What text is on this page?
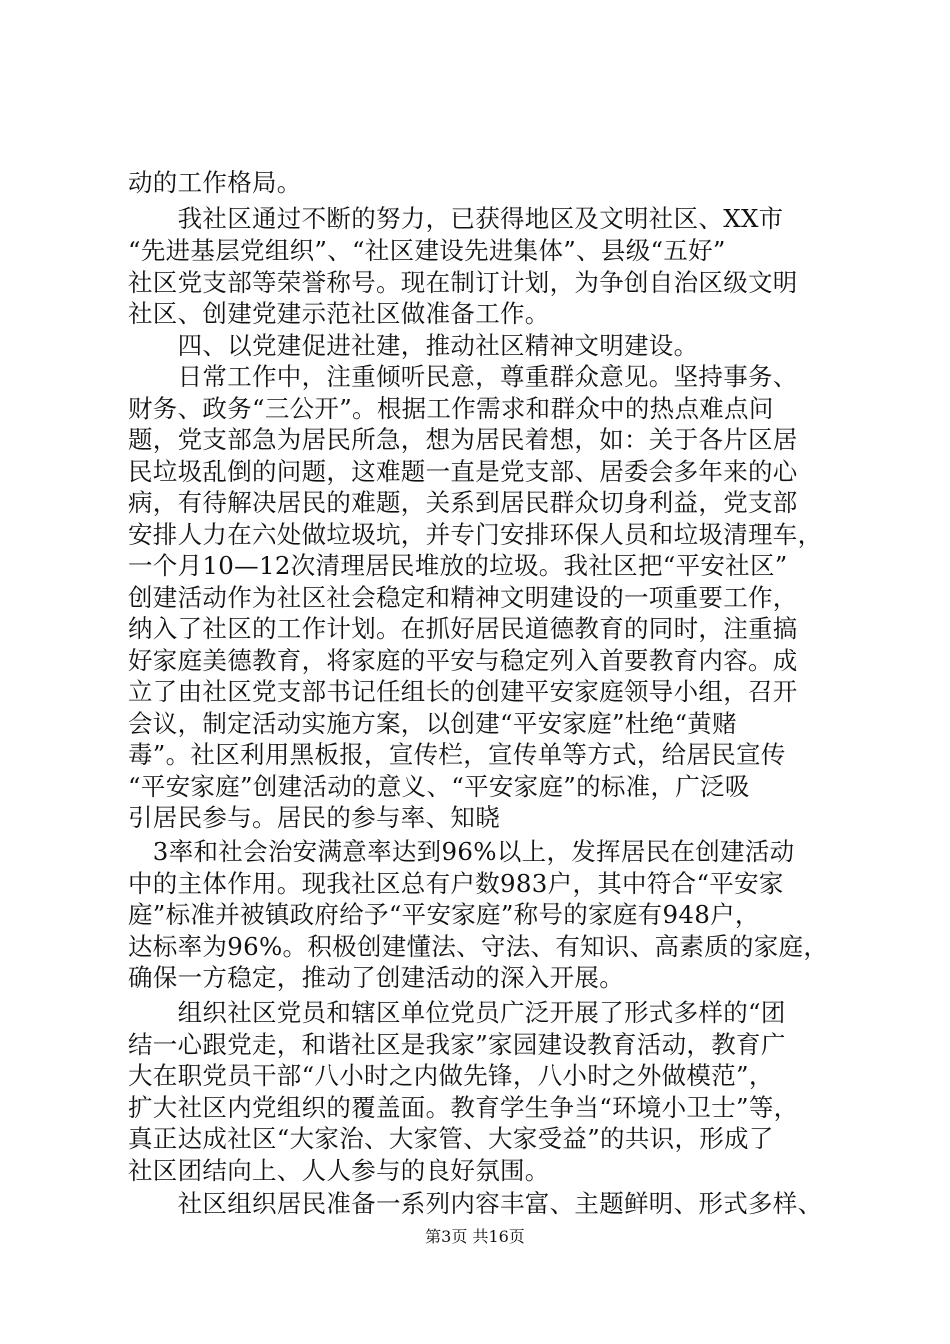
动的工作格局。
　　我社区通过不断的努力，已获得地区及文明社区、XX市
“先进基层党组织”、“社区建设先进集体”、县级“五好”
社区党支部等荣誉称号。现在制订计划，为争创自治区级文明
社区、创建党建示范社区做准备工作。
　　四、以党建促进社建，推动社区精神文明建设。
　　日常工作中，注重倾听民意，尊重群众意见。坚持事务、
财务、政务“三公开”。根据工作需求和群众中的热点难点问
题，党支部急为居民所急，想为居民着想，如：关于各片区居
民垃圾乱倒的问题，这难题一直是党支部、居委会多年来的心
病，有待解决居民的难题，关系到居民群众切身利益，党支部
安排人力在六处做垃圾坑，并专门安排环保人员和垃圾清理车，
一个月10—12次清理居民堆放的垃圾。我社区把“平安社区”
创建活动作为社区社会稳定和精神文明建设的一项重要工作，
纳入了社区的工作计划。在抓好居民道德教育的同时，注重搞
好家庭美德教育，将家庭的平安与稳定列入首要教育内容。成
立了由社区党支部书记任组长的创建平安家庭领导小组，召开
会议，制定活动实施方案，以创建“平安家庭”杜绝“黄赌
毒”。社区利用黑板报，宣传栏，宣传单等方式，给居民宣传
“平安家庭”创建活动的意义、“平安家庭”的标准，广泛吸
引居民参与。居民的参与率、知晓
　3率和社会治安满意率达到96%以上，发挥居民在创建活动
中的主体作用。现我社区总有户数983户，其中符合“平安家
庭”标准并被镇政府给予“平安家庭”称号的家庭有948户，
达标率为96%。积极创建懂法、守法、有知识、高素质的家庭，
确保一方稳定，推动了创建活动的深入开展。
　　组织社区党员和辖区单位党员广泛开展了形式多样的“团
结一心跟党走，和谐社区是我家”家园建设教育活动，教育广
大在职党员干部“八小时之内做先锋，八小时之外做模范”，
扩大社区内党组织的覆盖面。教育学生争当“环境小卫士”等，
真正达成社区“大家治、大家管、大家受益”的共识，形成了
社区团结向上、人人参与的良好氛围。
　　社区组织居民准备一系列内容丰富、主题鲜明、形式多样、
第3页 共16页
